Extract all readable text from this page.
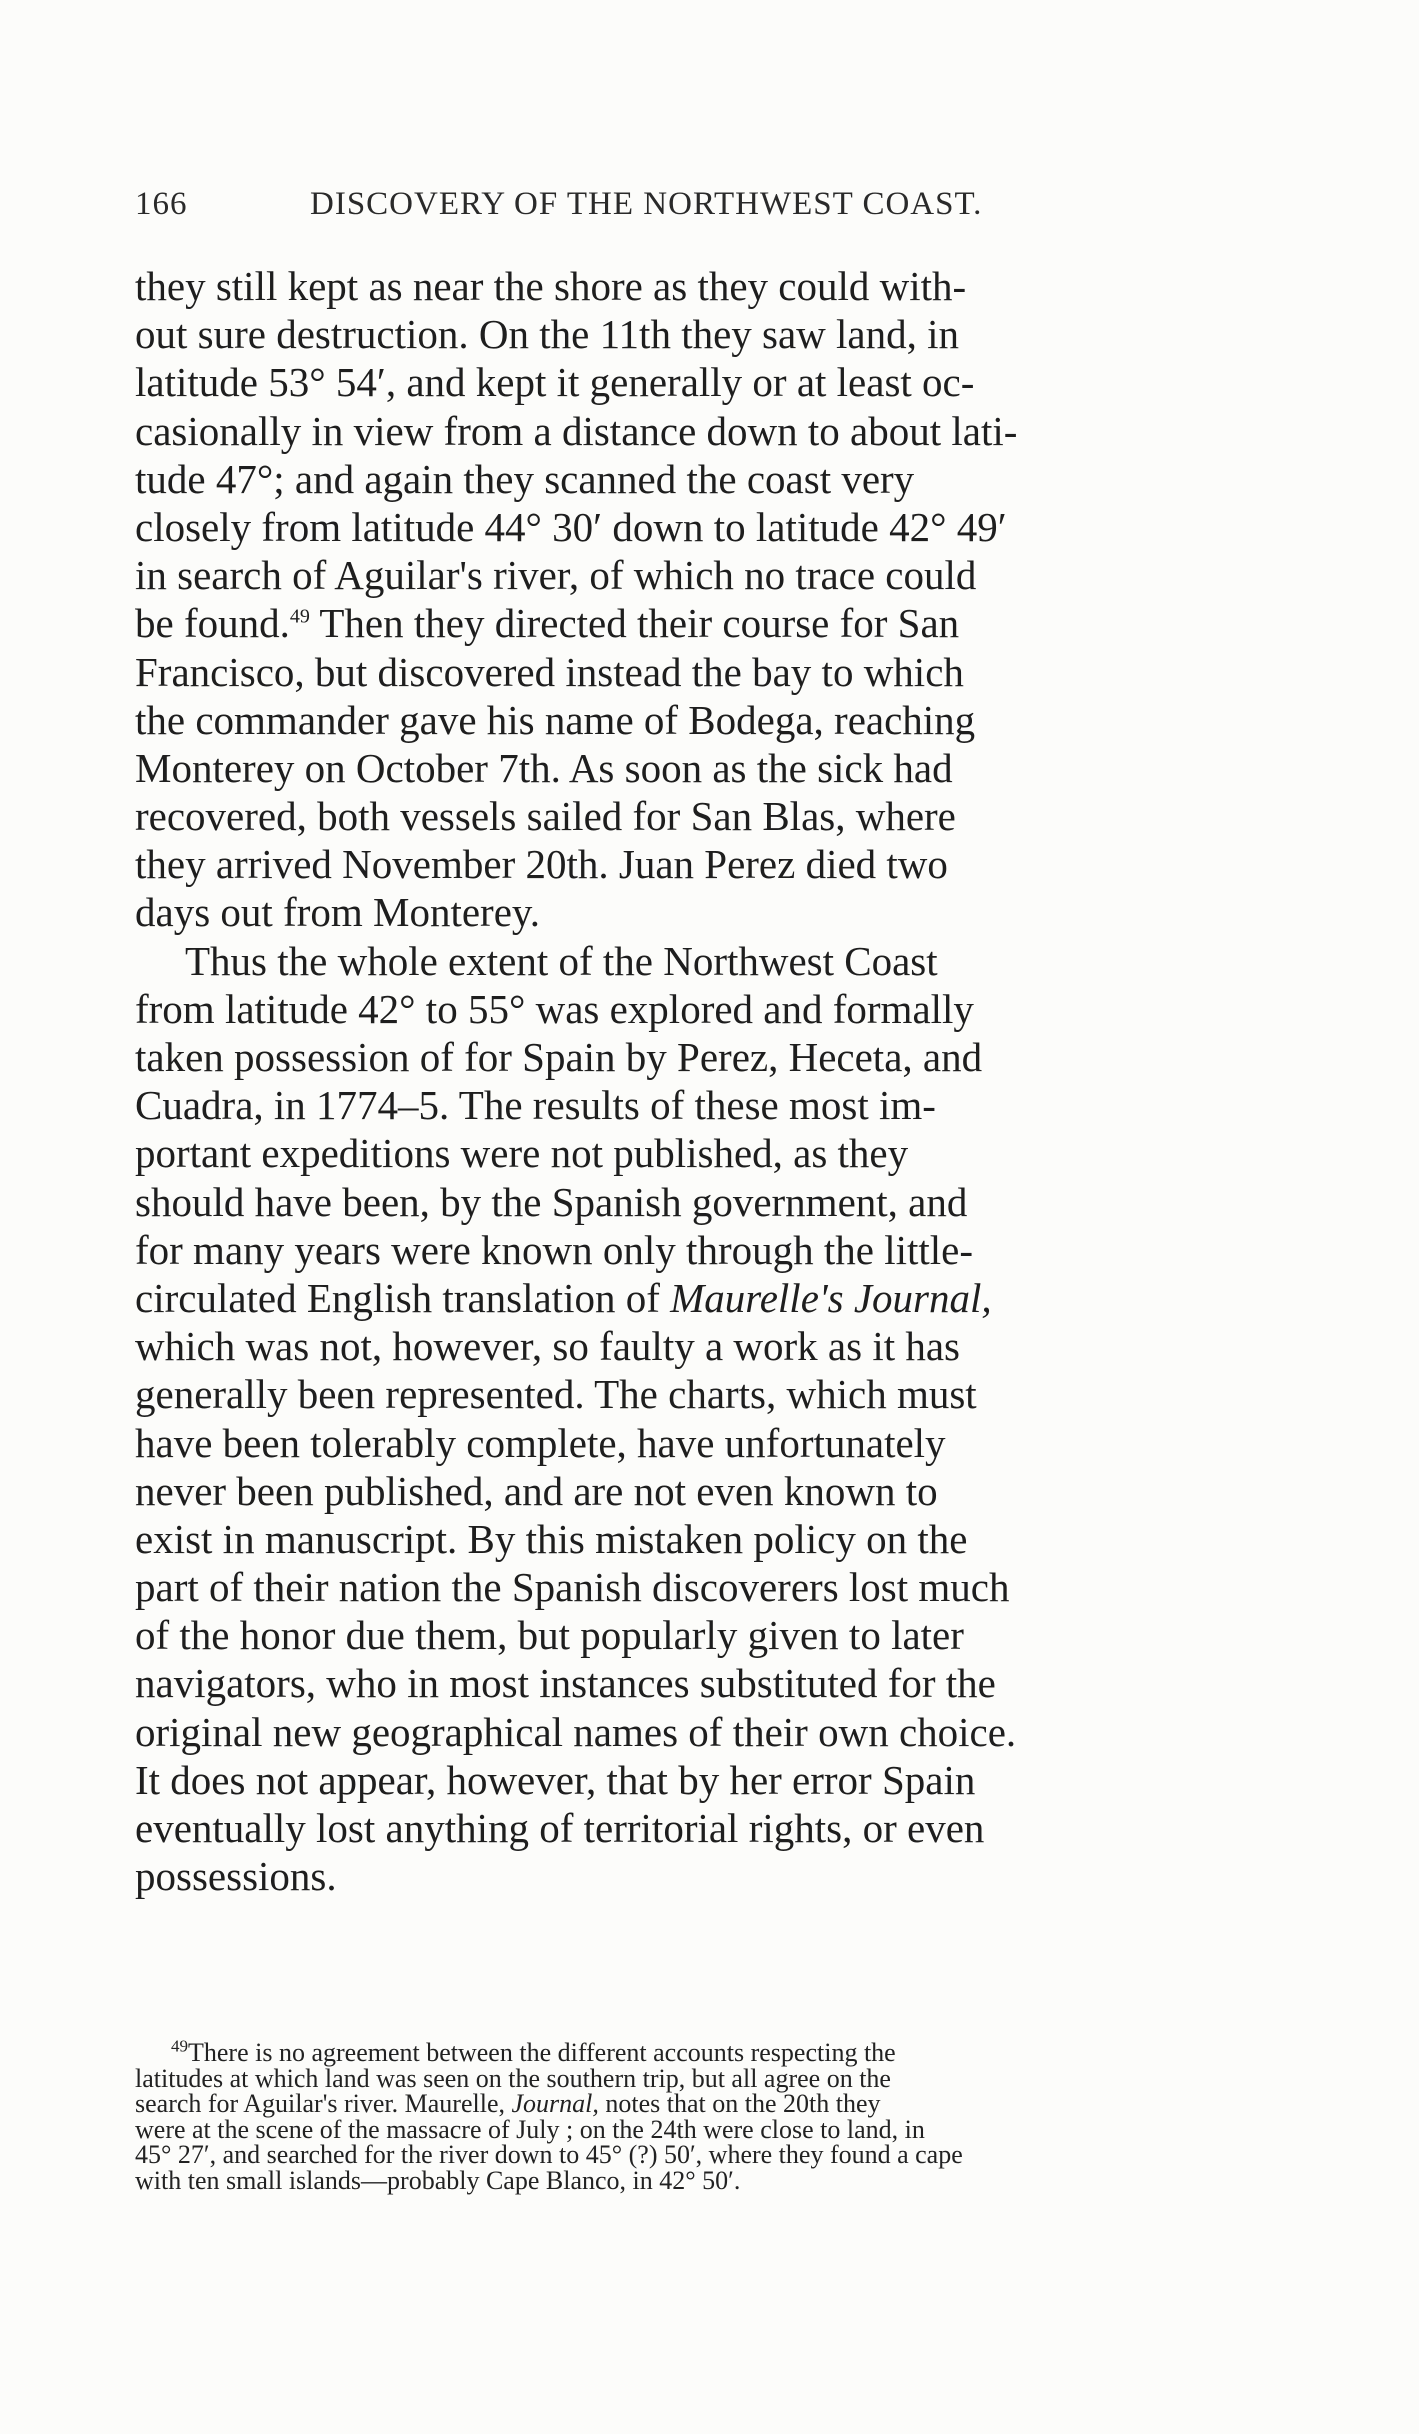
166	DISCOVERY OF THE NORTHWEST COAST.
they still kept as near the shore as they could with-
out sure destruction. On the 11th they saw land, in
latitude 53° 54′, and kept it generally or at least oc-
casionally in view from a distance down to about lati-
tude 47°; and again they scanned the coast very
closely from latitude 44° 30′ down to latitude 42° 49′
in search of Aguilar's river, of which no trace could
be found.$^{49}$ Then they directed their course for San
Francisco, but discovered instead the bay to which
the commander gave his name of Bodega, reaching
Monterey on October 7th. As soon as the sick had
recovered, both vessels sailed for San Blas, where
they arrived November 20th. Juan Perez died two
days out from Monterey.
Thus the whole extent of the Northwest Coast
from latitude 42° to 55° was explored and formally
taken possession of for Spain by Perez, Heceta, and
Cuadra, in 1774–5. The results of these most im-
portant expeditions were not published, as they
should have been, by the Spanish government, and
for many years were known only through the little-
circulated English translation of Maurelle's Journal,
which was not, however, so faulty a work as it has
generally been represented. The charts, which must
have been tolerably complete, have unfortunately
never been published, and are not even known to
exist in manuscript. By this mistaken policy on the
part of their nation the Spanish discoverers lost much
of the honor due them, but popularly given to later
navigators, who in most instances substituted for the
original new geographical names of their own choice.
It does not appear, however, that by her error Spain
eventually lost anything of territorial rights, or even
possessions.
$^{49}$There is no agreement between the different accounts respecting the
latitudes at which land was seen on the southern trip, but all agree on the
search for Aguilar's river. Maurelle, Journal, notes that on the 20th they
were at the scene of the massacre of July ; on the 24th were close to land, in
45° 27′, and searched for the river down to 45° (?) 50′, where they found a cape
with ten small islands—probably Cape Blanco, in 42° 50′.
